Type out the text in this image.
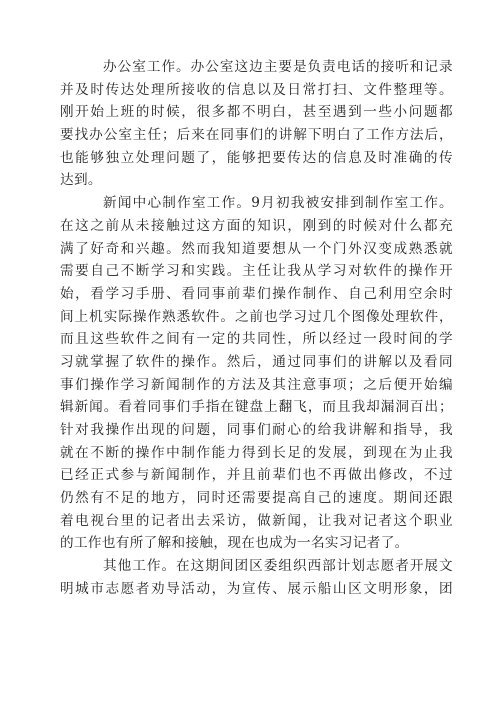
办公室工作。办公室这边主要是负责电话的接听和记录
并及时传达处理所接收的信息以及日常打扫、文件整理等。
刚开始上班的时候，很多都不明白，甚至遇到一些小问题都
要找办公室主任；后来在同事们的讲解下明白了工作方法后，
也能够独立处理问题了，能够把要传达的信息及时准确的传
达到。
新闻中心制作室工作。9月初我被安排到制作室工作。
在这之前从未接触过这方面的知识，刚到的时候对什么都充
满了好奇和兴趣。然而我知道要想从一个门外汉变成熟悉就
需要自己不断学习和实践。主任让我从学习对软件的操作开
始，看学习手册、看同事前辈们操作制作、自己利用空余时
间上机实际操作熟悉软件。之前也学习过几个图像处理软件，
而且这些软件之间有一定的共同性，所以经过一段时间的学
习就掌握了软件的操作。然后，通过同事们的讲解以及看同
事们操作学习新闻制作的方法及其注意事项；之后便开始编
辑新闻。看着同事们手指在键盘上翻飞，而且我却漏洞百出；
针对我操作出现的问题，同事们耐心的给我讲解和指导，我
就在不断的操作中制作能力得到长足的发展，到现在为止我
已经正式参与新闻制作，并且前辈们也不再做出修改，不过
仍然有不足的地方，同时还需要提高自己的速度。期间还跟
着电视台里的记者出去采访，做新闻，让我对记者这个职业
的工作也有所了解和接触，现在也成为一名实习记者了。
其他工作。在这期间团区委组织西部计划志愿者开展文
明城市志愿者劝导活动，为宣传、展示船山区文明形象，团
